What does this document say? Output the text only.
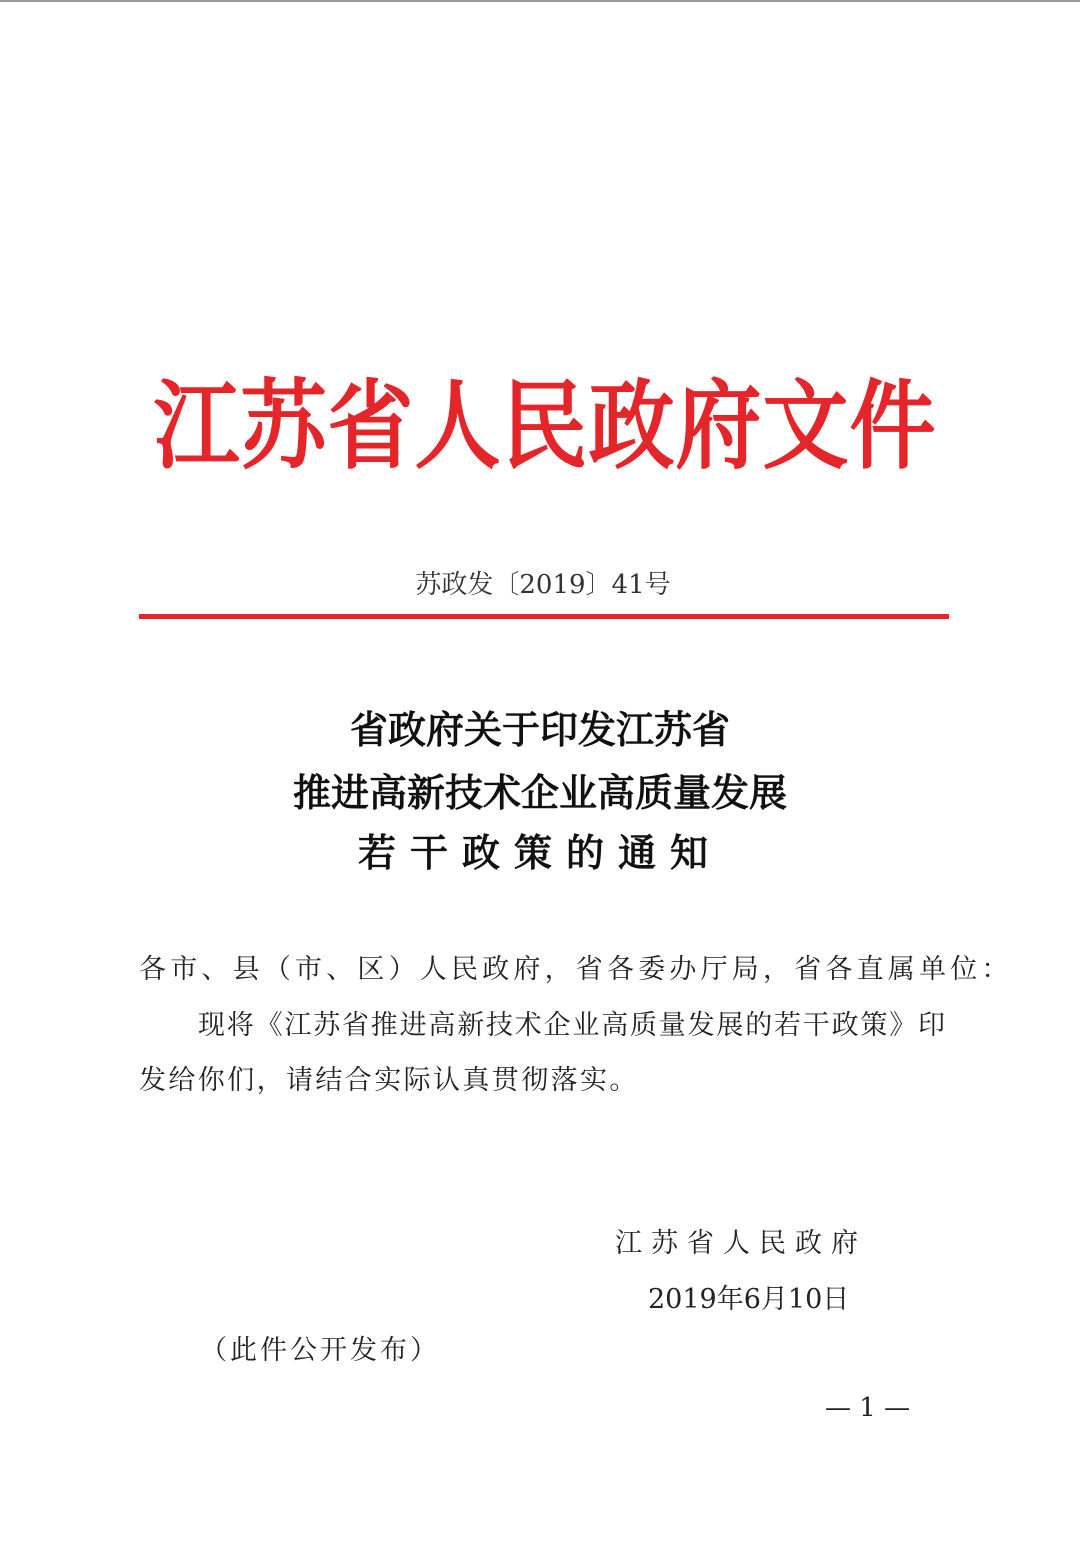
江苏省人民政府文件
苏政发〔2019〕41号
省政府关于印发江苏省
推进高新技术企业高质量发展
若干政策的通知
各市、县（市、区）人民政府，省各委办厅局，省各直属单位：
现将《江苏省推进高新技术企业高质量发展的若干政策》印
发给你们，请结合实际认真贯彻落实。
江苏省人民政府
2019年6月10日
（此件公开发布）
— 1 —
